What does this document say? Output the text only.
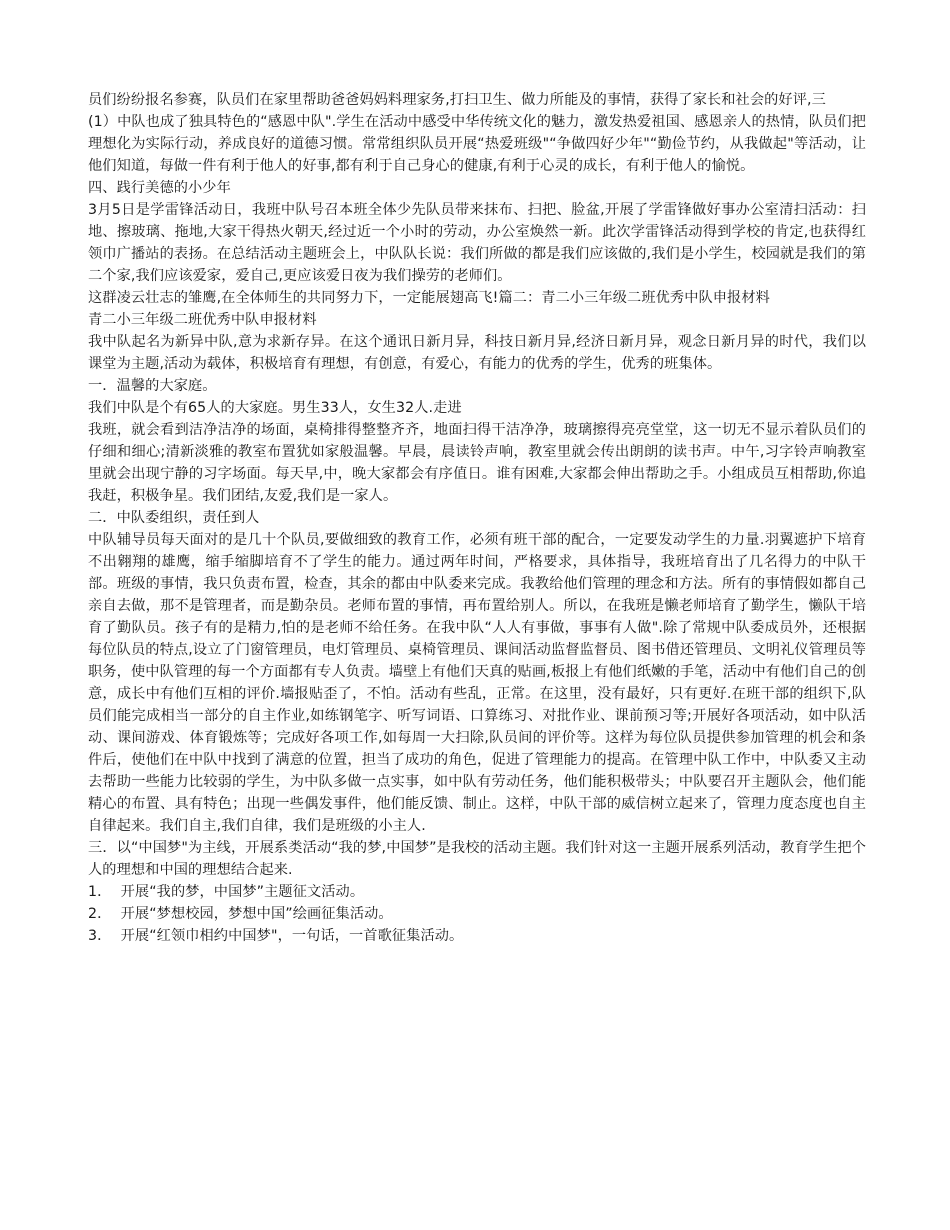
员们纷纷报名参赛，队员们在家里帮助爸爸妈妈料理家务,打扫卫生、做力所能及的事情，获得了家长和社会的好评,三

(1）中队也成了独具特色的“感恩中队".学生在活动中感受中华传统文化的魅力，激发热爱祖国、感恩亲人的热情，队员们把理想化为实际行动，养成良好的道德习惯。常常组织队员开展“热爱班级"“争做四好少年"“勤俭节约，从我做起"等活动，让他们知道，每做一件有利于他人的好事,都有利于自己身心的健康,有利于心灵的成长，有利于他人的愉悦。

四、践行美德的小少年

3月5日是学雷锋活动日，我班中队号召本班全体少先队员带来抹布、扫把、脸盆,开展了学雷锋做好事办公室清扫活动：扫地、擦玻璃、拖地,大家干得热火朝天,经过近一个小时的劳动，办公室焕然一新。此次学雷锋活动得到学校的肯定,也获得红领巾广播站的表扬。在总结活动主题班会上，中队队长说：我们所做的都是我们应该做的,我们是小学生，校园就是我们的第二个家,我们应该爱家，爱自己,更应该爱日夜为我们操劳的老师们。

这群凌云壮志的雏鹰,在全体师生的共同努力下，一定能展翅高飞!篇二：青二小三年级二班优秀中队申报材料

青二小三年级二班优秀中队申报材料

我中队起名为新异中队,意为求新存异。在这个通讯日新月异，科技日新月异,经济日新月异，观念日新月异的时代，我们以课堂为主题,活动为载体，积极培育有理想，有创意，有爱心，有能力的优秀的学生，优秀的班集体。

一．温馨的大家庭。

我们中队是个有65人的大家庭。男生33人，女生32人.走进

我班，就会看到洁净洁净的场面，桌椅排得整整齐齐，地面扫得干洁净净，玻璃擦得亮亮堂堂，这一切无不显示着队员们的仔细和细心;清新淡雅的教室布置犹如家般温馨。早晨，晨读铃声响，教室里就会传出朗朗的读书声。中午,习字铃声响教室里就会出现宁静的习字场面。每天早,中，晚大家都会有序值日。谁有困难,大家都会伸出帮助之手。小组成员互相帮助,你追我赶，积极争星。我们团结,友爱,我们是一家人。

二．中队委组织，责任到人

中队辅导员每天面对的是几十个队员,要做细致的教育工作，必须有班干部的配合，一定要发动学生的力量.羽翼遮护下培育不出翱翔的雄鹰，缩手缩脚培育不了学生的能力。通过两年时间，严格要求，具体指导，我班培育出了几名得力的中队干部。班级的事情，我只负责布置，检查，其余的都由中队委来完成。我教给他们管理的理念和方法。所有的事情假如都自己亲自去做，那不是管理者，而是勤杂员。老师布置的事情，再布置给别人。所以，在我班是懒老师培育了勤学生，懒队干培育了勤队员。孩子有的是精力,怕的是老师不给任务。在我中队“人人有事做，事事有人做".除了常规中队委成员外，还根据每位队员的特点,设立了门窗管理员，电灯管理员、桌椅管理员、课间活动监督监督员、图书借还管理员、文明礼仪管理员等职务，使中队管理的每一个方面都有专人负责。墙壁上有他们天真的贴画,板报上有他们纸嫩的手笔，活动中有他们自己的创意，成长中有他们互相的评价.墙报贴歪了，不怕。活动有些乱，正常。在这里，没有最好，只有更好.在班干部的组织下,队员们能完成相当一部分的自主作业,如练钢笔字、听写词语、口算练习、对批作业、课前预习等;开展好各项活动，如中队活动、课间游戏、体育锻炼等；完成好各项工作,如每周一大扫除,队员间的评价等。这样为每位队员提供参加管理的机会和条件后，使他们在中队中找到了满意的位置，担当了成功的角色，促进了管理能力的提高。在管理中队工作中，中队委又主动去帮助一些能力比较弱的学生，为中队多做一点实事，如中队有劳动任务，他们能积极带头；中队要召开主题队会，他们能精心的布置、具有特色；出现一些偶发事件，他们能反馈、制止。这样，中队干部的威信树立起来了，管理力度态度也自主自律起来。我们自主,我们自律，我们是班级的小主人.

三．以“中国梦"为主线，开展系类活动“我的梦,中国梦”是我校的活动主题。我们针对这一主题开展系列活动，教育学生把个人的理想和中国的理想结合起来.

1．  开展“我的梦，中国梦”主题征文活动。

2．  开展“梦想校园，梦想中国”绘画征集活动。

3．  开展“红领巾相约中国梦"，一句话，一首歌征集活动。
